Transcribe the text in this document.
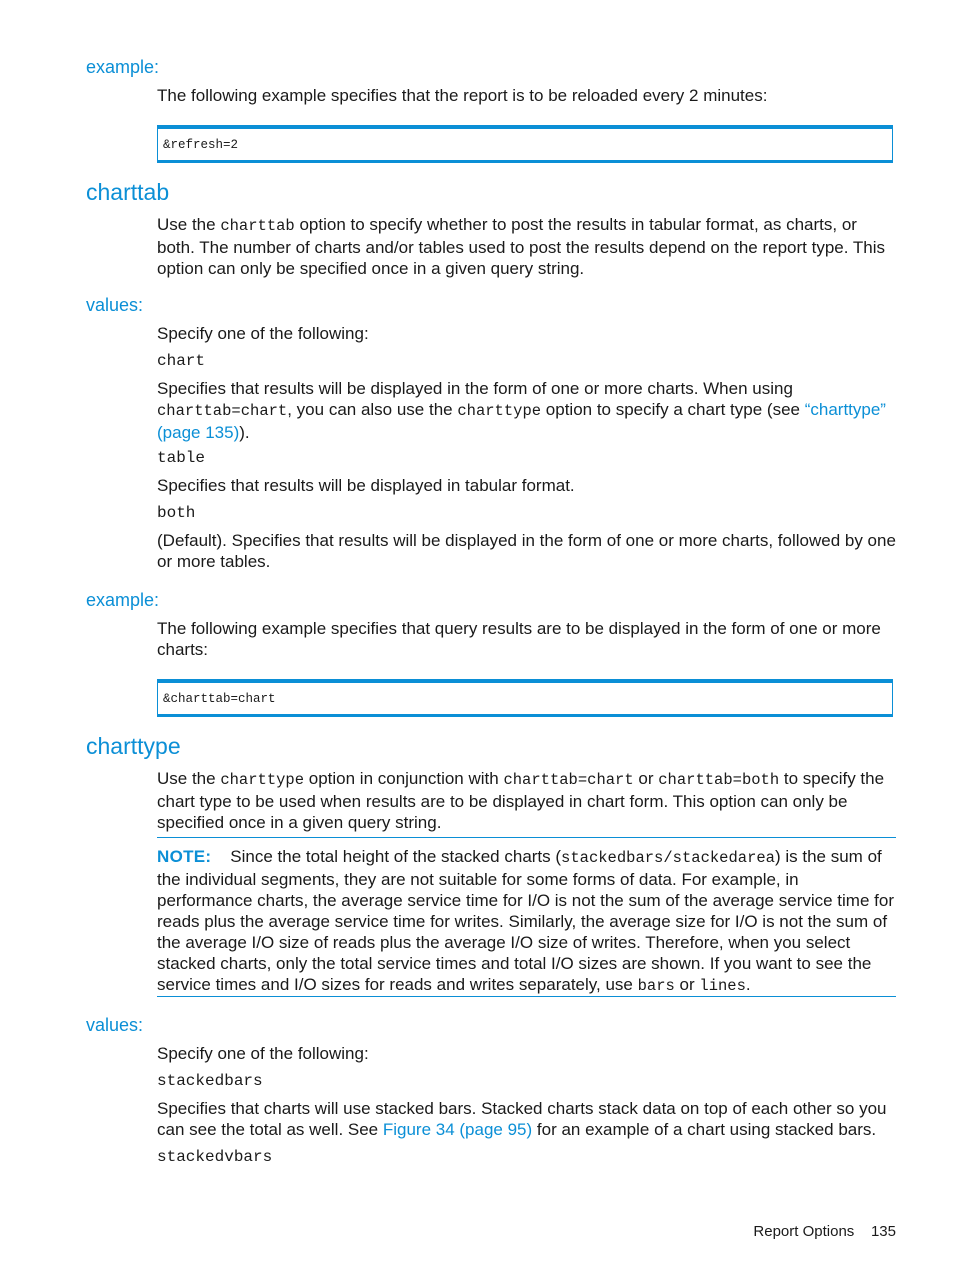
example:

The following example specifies that the report is to be reloaded every 2 minutes:

&refresh=2
charttab

Use the charttab option to specify whether to post the results in tabular format, as charts, or both. The number of charts and/or tables used to post the results depend on the report type. This option can only be specified once in a given query string.

values:

Specify one of the following:

chart

Specifies that results will be displayed in the form of one or more charts. When using charttab=chart, you can also use the charttype option to specify a chart type (see “charttype” (page 135)).

table

Specifies that results will be displayed in tabular format.

both

(Default). Specifies that results will be displayed in the form of one or more charts, followed by one or more tables.

example:

The following example specifies that query results are to be displayed in the form of one or more charts:

&charttab=chart
charttype

Use the charttype option in conjunction with charttab=chart or charttab=both to specify the chart type to be used when results are to be displayed in chart form. This option can only be specified once in a given query string.

NOTE: Since the total height of the stacked charts (stackedbars/stackedarea) is the sum of the individual segments, they are not suitable for some forms of data. For example, in performance charts, the average service time for I/O is not the sum of the average service time for reads plus the average service time for writes. Similarly, the average size for I/O is not the sum of the average I/O size of reads plus the average I/O size of writes. Therefore, when you select stacked charts, only the total service times and total I/O sizes are shown. If you want to see the service times and I/O sizes for reads and writes separately, use bars or lines.

values:

Specify one of the following:

stackedbars

Specifies that charts will use stacked bars. Stacked charts stack data on top of each other so you can see the total as well. See Figure 34 (page 95) for an example of a chart using stacked bars.

stackedvbars

Report Options 135
